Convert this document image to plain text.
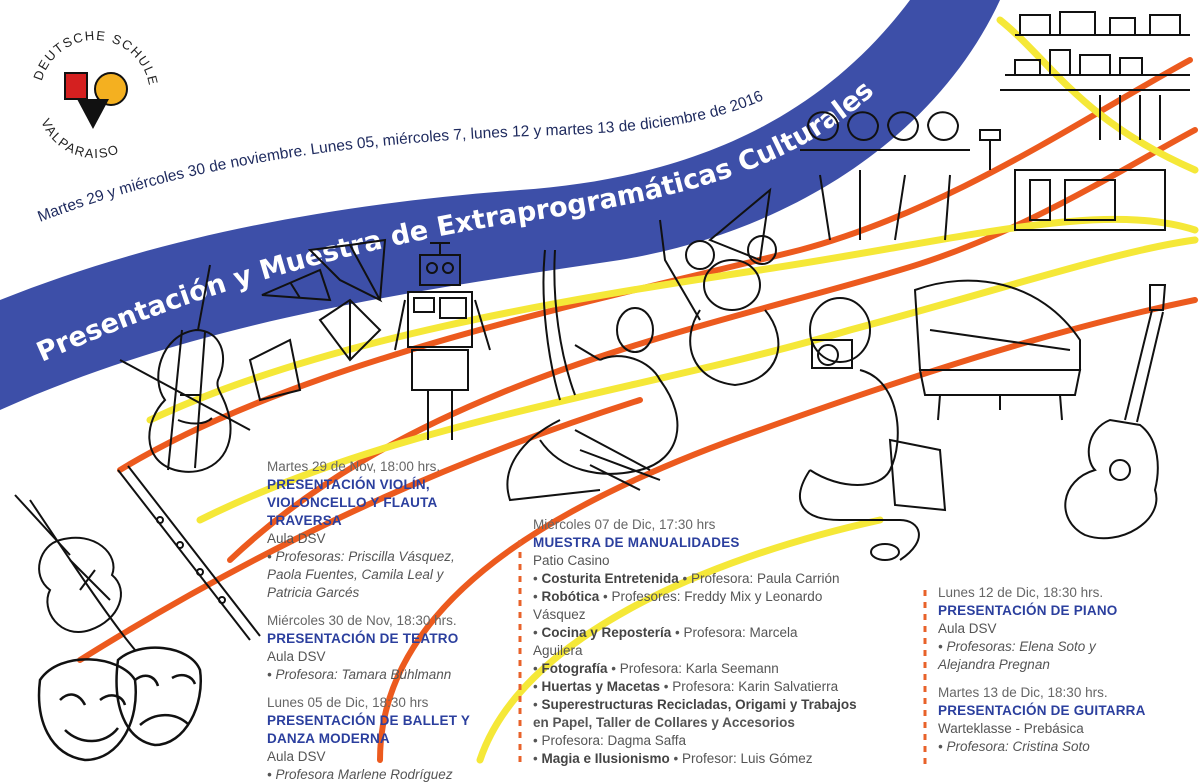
Martes 29 y miércoles 30 de noviembre. Lunes 05, miércoles 7, lunes 12 y martes 13 de diciembre de 2016
Presentación y Muestra de Extraprogramáticas Culturales
DEUTSCHE SCHULE
VALPARAISO
Martes 29 de Nov, 18:00 hrs.
PRESENTACIÓN VIOLÍN,
VIOLONCELLO Y FLAUTA TRAVERSA
Aula DSV
• Profesoras: Priscilla Vásquez,
Paola Fuentes, Camila Leal y
Patricia Garcés
Miércoles 30 de Nov, 18:30 hrs.
PRESENTACIÓN DE TEATRO
Aula DSV
• Profesora: Tamara Bühlmann
Lunes 05 de Dic, 18:30 hrs
PRESENTACIÓN DE BALLET Y
DANZA MODERNA
Aula DSV
• Profesora Marlene Rodríguez
Miércoles 07 de Dic, 17:30 hrs
MUESTRA DE MANUALIDADES
Patio Casino
• Costurita Entretenida • Profesora: Paula Carrión
• Robótica • Profesores: Freddy Mix y Leonardo
Vásquez
• Cocina y Repostería • Profesora: Marcela
Aguilera
• Fotografía • Profesora: Karla Seemann
• Huertas y Macetas • Profesora: Karin Salvatierra
• Superestructuras Recicladas, Origami y Trabajos
en Papel, Taller de Collares y Accesorios
• Profesora: Dagma Saffa
• Magia e Ilusionismo • Profesor: Luis Gómez
Lunes 12 de Dic, 18:30 hrs.
PRESENTACIÓN DE PIANO
Aula DSV
• Profesoras: Elena Soto y
Alejandra Pregnan
Martes 13 de Dic, 18:30 hrs.
PRESENTACIÓN DE GUITARRA
Warteklasse - Prebásica
• Profesora: Cristina Soto
